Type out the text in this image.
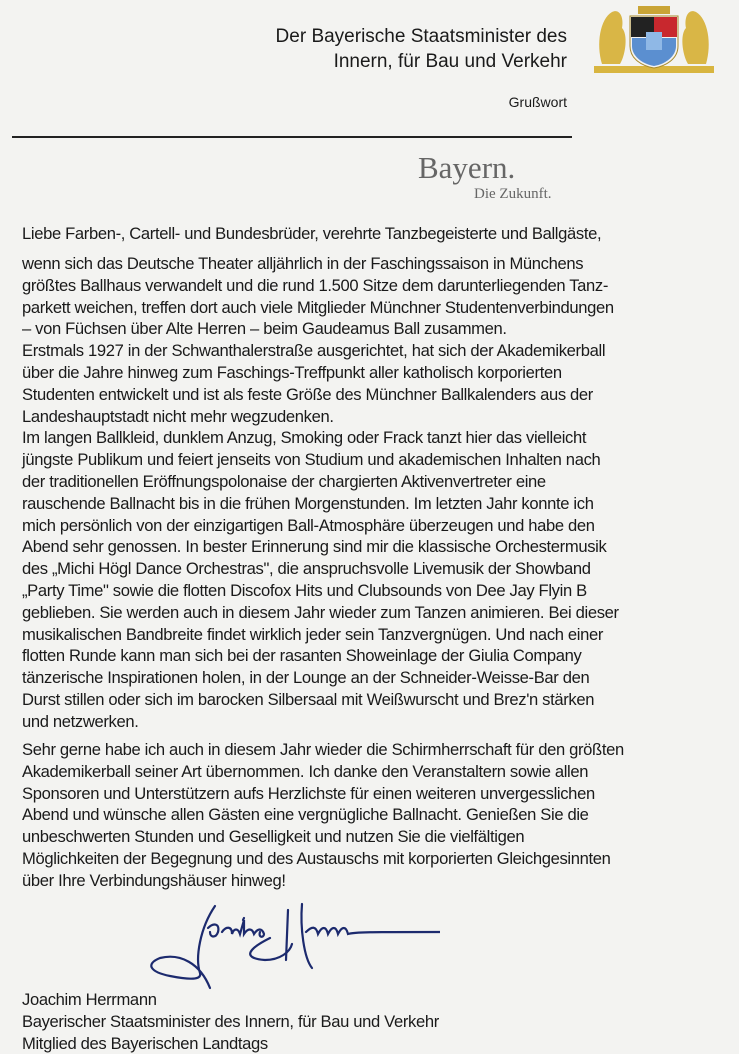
Der Bayerische Staatsminister des
Innern, für Bau und Verkehr
Grußwort
Bayern.
Die Zukunft.
Liebe Farben-, Cartell- und Bundesbrüder, verehrte Tanzbegeisterte und Ballgäste,
wenn sich das Deutsche Theater alljährlich in der Faschingssaison in Münchens
größtes Ballhaus verwandelt und die rund 1.500 Sitze dem darunterliegenden Tanz-
parkett weichen, treffen dort auch viele Mitglieder Münchner Studentenverbindungen
– von Füchsen über Alte Herren – beim Gaudeamus Ball zusammen.
Erstmals 1927 in der Schwanthalerstraße ausgerichtet, hat sich der Akademikerball
über die Jahre hinweg zum Faschings-Treffpunkt aller katholisch korporierten
Studenten entwickelt und ist als feste Größe des Münchner Ballkalenders aus der
Landeshauptstadt nicht mehr wegzudenken.
Im langen Ballkleid, dunklem Anzug, Smoking oder Frack tanzt hier das vielleicht
jüngste Publikum und feiert jenseits von Studium und akademischen Inhalten nach
der traditionellen Eröffnungspolonaise der chargierten Aktivenvertreter eine
rauschende Ballnacht bis in die frühen Morgenstunden. Im letzten Jahr konnte ich
mich persönlich von der einzigartigen Ball-Atmosphäre überzeugen und habe den
Abend sehr genossen. In bester Erinnerung sind mir die klassische Orchestermusik
des „Michi Högl Dance Orchestras", die anspruchsvolle Livemusik der Showband
„Party Time" sowie die flotten Discofox Hits und Clubsounds von Dee Jay Flyin B
geblieben. Sie werden auch in diesem Jahr wieder zum Tanzen animieren. Bei dieser
musikalischen Bandbreite findet wirklich jeder sein Tanzvergnügen. Und nach einer
flotten Runde kann man sich bei der rasanten Showeinlage der Giulia Company
tänzerische Inspirationen holen, in der Lounge an der Schneider-Weisse-Bar den
Durst stillen oder sich im barocken Silbersaal mit Weißwurscht und Brez'n stärken
und netzwerken.
Sehr gerne habe ich auch in diesem Jahr wieder die Schirmherrschaft für den größten
Akademikerball seiner Art übernommen. Ich danke den Veranstaltern sowie allen
Sponsoren und Unterstützern aufs Herzlichste für einen weiteren unvergesslichen
Abend und wünsche allen Gästen eine vergnügliche Ballnacht. Genießen Sie die
unbeschwerten Stunden und Geselligkeit und nutzen Sie die vielfältigen
Möglichkeiten der Begegnung und des Austauschs mit korporierten Gleichgesinnten
über Ihre Verbindungshäuser hinweg!
Joachim Herrmann
Bayerischer Staatsminister des Innern, für Bau und Verkehr
Mitglied des Bayerischen Landtags
